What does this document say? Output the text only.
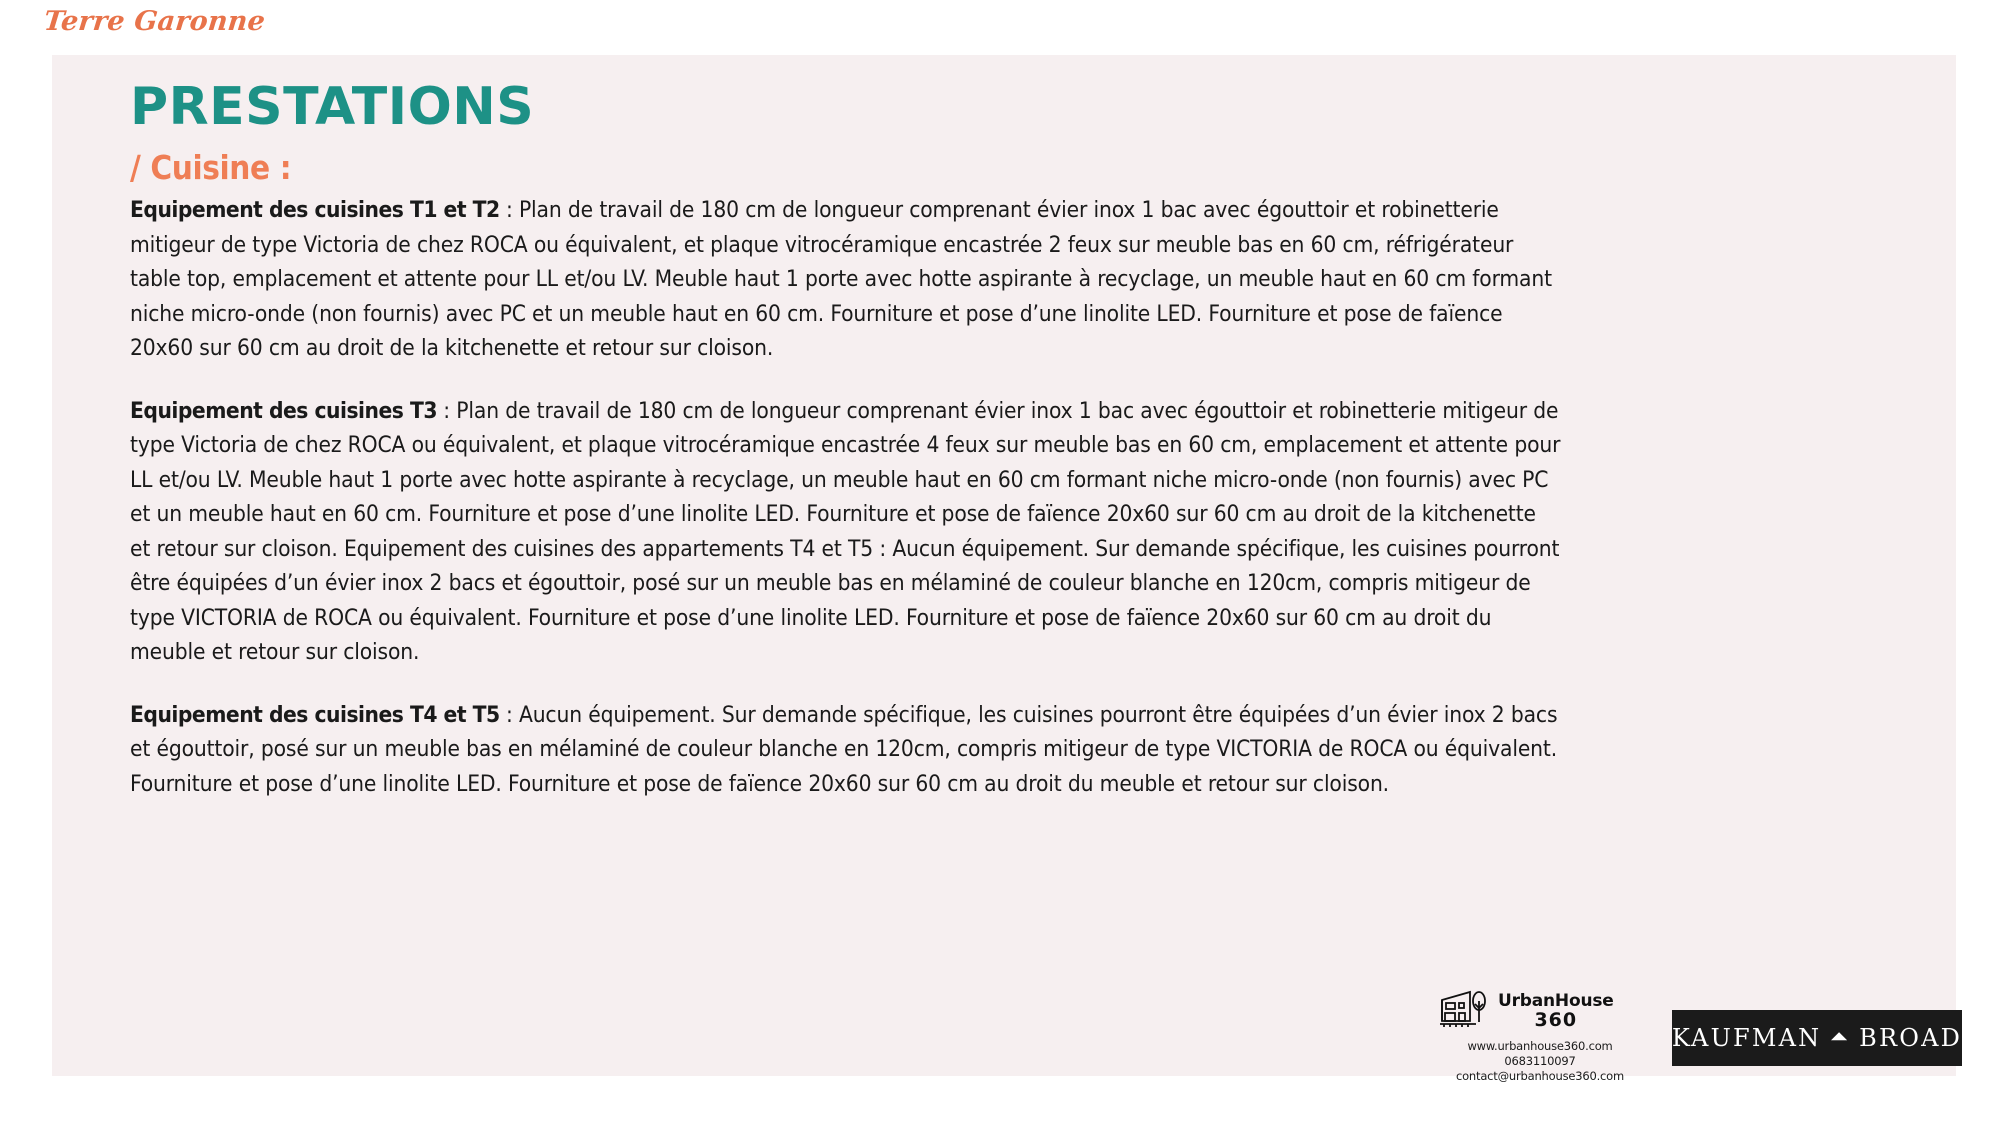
Terre Garonne
PRESTATIONS
/ Cuisine :

Equipement des cuisines T1 et T2 : Plan de travail de 180 cm de longueur comprenant évier inox 1 bac avec égouttoir et robinetterie mitigeur de type Victoria de chez ROCA ou équivalent, et plaque vitrocéramique encastrée 2 feux sur meuble bas en 60 cm, réfrigérateur table top, emplacement et attente pour LL et/ou LV. Meuble haut 1 porte avec hotte aspirante à recyclage, un meuble haut en 60 cm formant niche micro-onde (non fournis) avec PC et un meuble haut en 60 cm. Fourniture et pose d’une linolite LED. Fourniture et pose de faïence 20x60 sur 60 cm au droit de la kitchenette et retour sur cloison.

Equipement des cuisines T3 : Plan de travail de 180 cm de longueur comprenant évier inox 1 bac avec égouttoir et robinetterie mitigeur de type Victoria de chez ROCA ou équivalent, et plaque vitrocéramique encastrée 4 feux sur meuble bas en 60 cm, emplacement et attente pour LL et/ou LV. Meuble haut 1 porte avec hotte aspirante à recyclage, un meuble haut en 60 cm formant niche micro-onde (non fournis) avec PC et un meuble haut en 60 cm. Fourniture et pose d’une linolite LED. Fourniture et pose de faïence 20x60 sur 60 cm au droit de la kitchenette et retour sur cloison. Equipement des cuisines des appartements T4 et T5 : Aucun équipement. Sur demande spécifique, les cuisines pourront être équipées d’un évier inox 2 bacs et égouttoir, posé sur un meuble bas en mélaminé de couleur blanche en 120cm, compris mitigeur de type VICTORIA de ROCA ou équivalent. Fourniture et pose d’une linolite LED. Fourniture et pose de faïence 20x60 sur 60 cm au droit du meuble et retour sur cloison.

Equipement des cuisines T4 et T5 : Aucun équipement. Sur demande spécifique, les cuisines pourront être équipées d’un évier inox 2 bacs et égouttoir, posé sur un meuble bas en mélaminé de couleur blanche en 120cm, compris mitigeur de type VICTORIA de ROCA ou équivalent. Fourniture et pose d’une linolite LED. Fourniture et pose de faïence 20x60 sur 60 cm au droit du meuble et retour sur cloison.

UrbanHouse
360
www.urbanhouse360.com
0683110097
contact@urbanhouse360.com
KAUFMAN ⏶ BROAD
